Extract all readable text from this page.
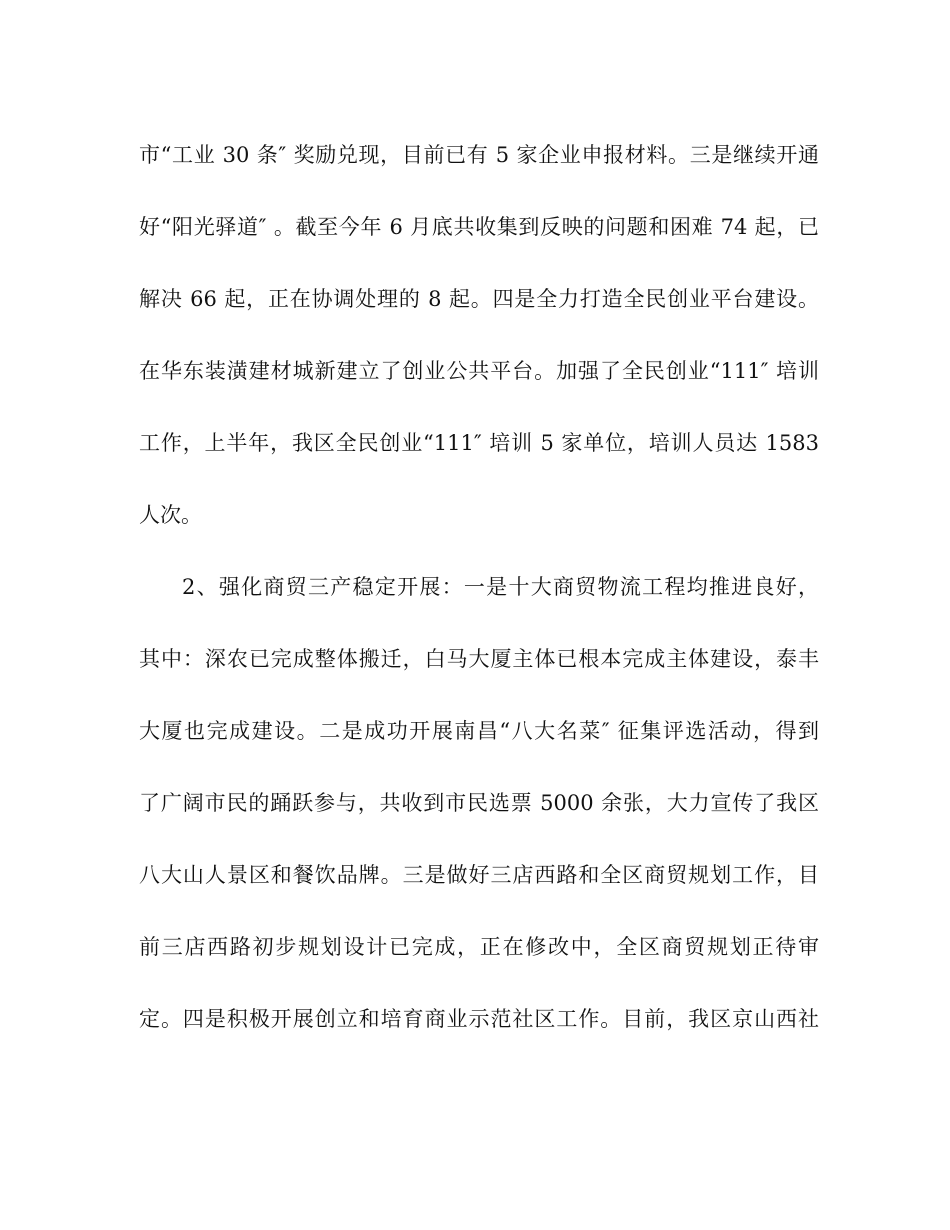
市“工业 30 条″ 奖励兑现，目前已有 5 家企业申报材料。三是继续开通
好“阳光驿道″ 。截至今年 6 月底共收集到反映的问题和困难 74 起，已
解决 66 起，正在协调处理的 8 起。四是全力打造全民创业平台建设。
在华东装潢建材城新建立了创业公共平台。加强了全民创业“111″ 培训
工作，上半年，我区全民创业“111″ 培训 5 家单位，培训人员达 1583
人次。
2、强化商贸三产稳定开展：一是十大商贸物流工程均推进良好，
其中：深农已完成整体搬迁，白马大厦主体已根本完成主体建设，泰丰
大厦也完成建设。二是成功开展南昌“八大名菜″ 征集评选活动，得到
了广阔市民的踊跃参与，共收到市民选票 5000 余张，大力宣传了我区
八大山人景区和餐饮品牌。三是做好三店西路和全区商贸规划工作，目
前三店西路初步规划设计已完成，正在修改中，全区商贸规划正待审
定。四是积极开展创立和培育商业示范社区工作。目前，我区京山西社
